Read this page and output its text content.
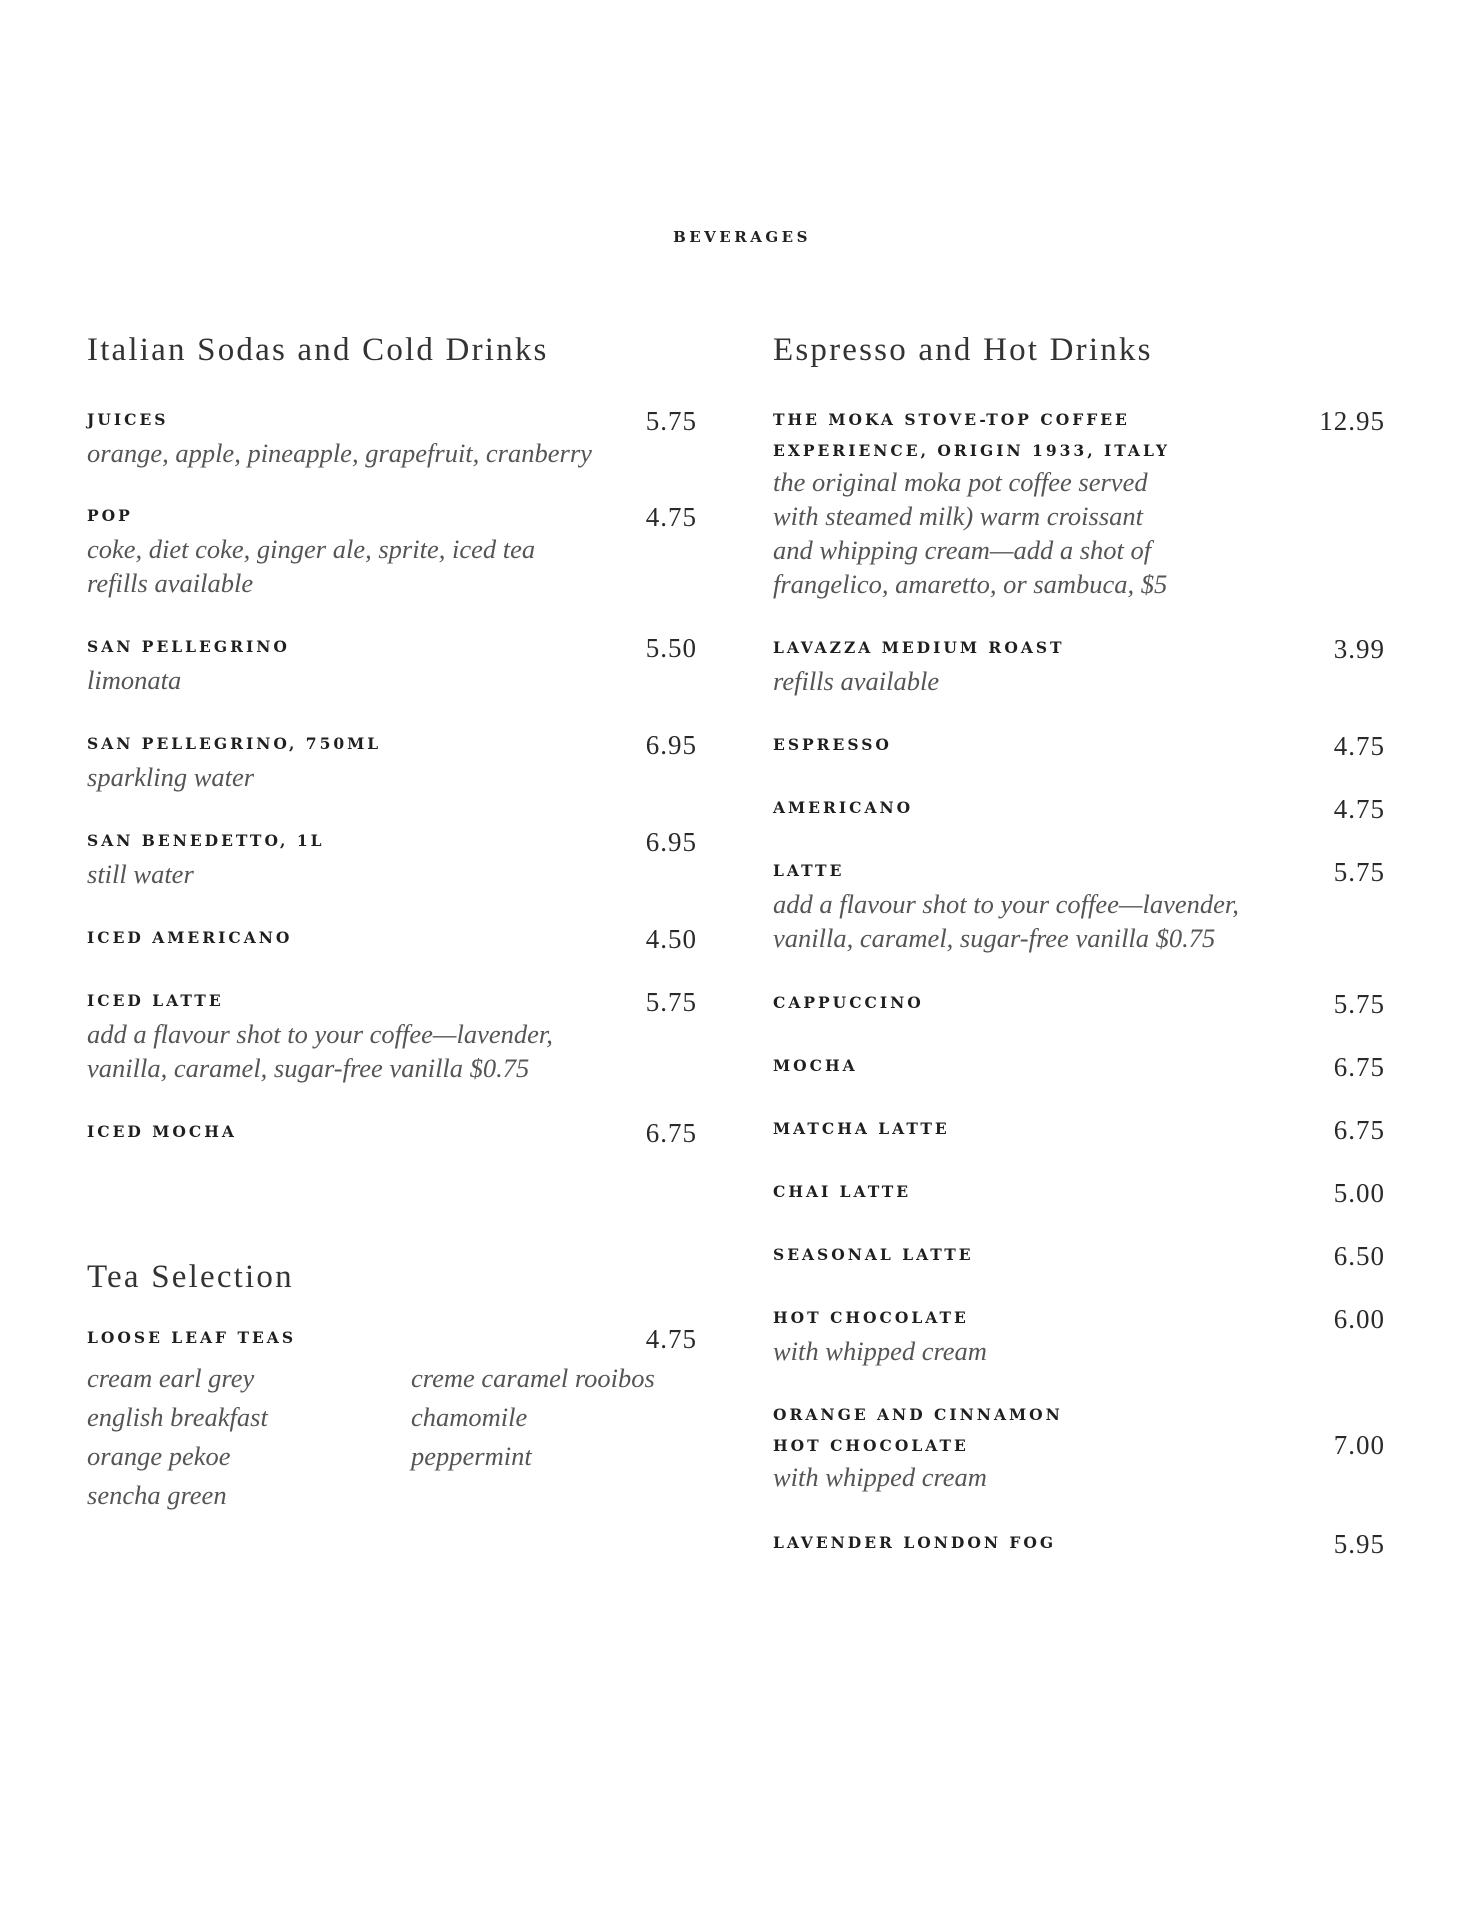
BEVERAGES
Italian Sodas and Cold Drinks
JUICES	5.75
orange, apple, pineapple, grapefruit, cranberry
POP	4.75
coke, diet coke, ginger ale, sprite, iced tea
refills available
SAN PELLEGRINO	5.50
limonata
SAN PELLEGRINO, 750ML	6.95
sparkling water
SAN BENEDETTO, 1L	6.95
still water
ICED AMERICANO	4.50
ICED LATTE	5.75
add a flavour shot to your coffee—lavender,
vanilla, caramel, sugar-free vanilla $0.75
ICED MOCHA	6.75
Tea Selection
LOOSE LEAF TEAS	4.75
cream earl grey
english breakfast
orange pekoe
sencha green
creme caramel rooibos
chamomile
peppermint
Espresso and Hot Drinks
THE MOKA STOVE-TOP COFFEE
EXPERIENCE, ORIGIN 1933, ITALY
12.95
the original moka pot coffee served
with steamed milk) warm croissant
and whipping cream—add a shot of
frangelico, amaretto, or sambuca, $5
LAVAZZA MEDIUM ROAST	3.99
refills available
ESPRESSO	4.75
AMERICANO	4.75
LATTE	5.75
add a flavour shot to your coffee—lavender,
vanilla, caramel, sugar-free vanilla $0.75
CAPPUCCINO	5.75
MOCHA	6.75
MATCHA LATTE	6.75
CHAI LATTE	5.00
SEASONAL LATTE	6.50
HOT CHOCOLATE	6.00
with whipped cream
ORANGE AND CINNAMON
HOT CHOCOLATE	7.00
with whipped cream
LAVENDER LONDON FOG	5.95
